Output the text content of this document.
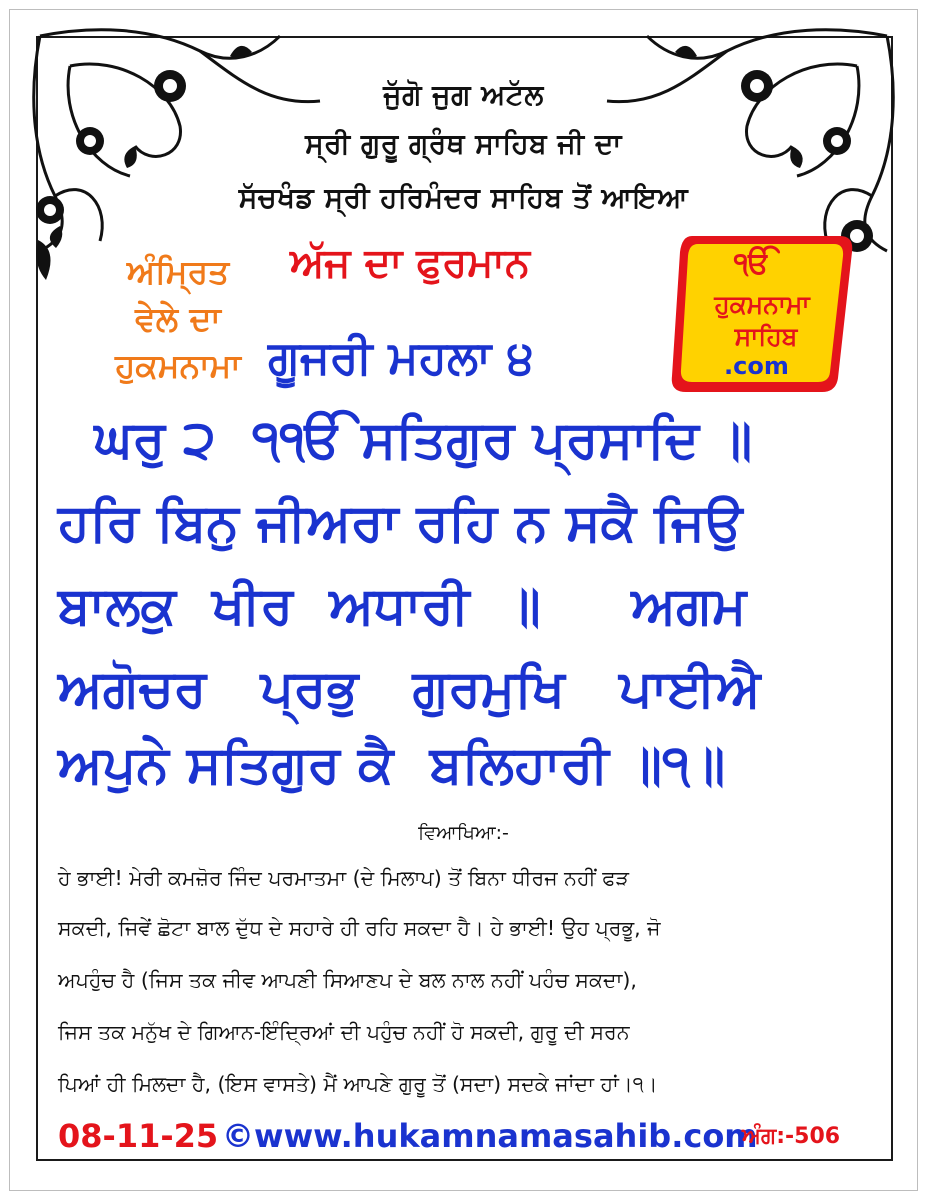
ਜੁੱਗੋ ਜੁਗ ਅਟੱਲ
ਸ੍ਰੀ ਗੁਰੂ ਗ੍ਰੰਥ ਸਾਹਿਬ ਜੀ ਦਾ
ਸੱਚਖੰਡ ਸ੍ਰੀ ਹਰਿਮੰਦਰ ਸਾਹਿਬ ਤੋਂ ਆਇਆ
ਅੰਮ੍ਰਿਤ
ਵੇਲੇ ਦਾ
ਹੁਕਮਨਾਮਾ
ਅੱਜ ਦਾ ਫੁਰਮਾਨ
ਗੂਜਰੀ ਮਹਲਾ ੪
ੴ
ਹੁਕਮਨਾਮਾ
ਸਾਹਿਬ
.com
ਘਰੁ ੨  ੧ੴ ਸਤਿਗੁਰ ਪ੍ਰਸਾਦਿ ॥
ਹਰਿ ਬਿਨੁ ਜੀਅਰਾ ਰਹਿ ਨ ਸਕੈ ਜਿਉ
ਬਾਲਕੁ  ਖੀਰ  ਅਧਾਰੀ  ॥     ਅਗਮ
ਅਗੋਚਰ   ਪ੍ਰਭੁ   ਗੁਰਮੁਖਿ   ਪਾਈਐ
ਅਪੁਨੇ ਸਤਿਗੁਰ ਕੈ  ਬਲਿਹਾਰੀ ॥੧॥
ਵਿਆਖਿਆ:-
ਹੇ ਭਾਈ! ਮੇਰੀ ਕਮਜ਼ੋਰ ਜਿੰਦ ਪਰਮਾਤਮਾ (ਦੇ ਮਿਲਾਪ) ਤੋਂ ਬਿਨਾ ਧੀਰਜ ਨਹੀਂ ਫੜ
ਸਕਦੀ, ਜਿਵੇਂ ਛੋਟਾ ਬਾਲ ਦੁੱਧ ਦੇ ਸਹਾਰੇ ਹੀ ਰਹਿ ਸਕਦਾ ਹੈ। ਹੇ ਭਾਈ! ਉਹ ਪ੍ਰਭੂ, ਜੋ
ਅਪਹੁੰਚ ਹੈ (ਜਿਸ ਤਕ ਜੀਵ ਆਪਣੀ ਸਿਆਣਪ ਦੇ ਬਲ ਨਾਲ ਨਹੀਂ ਪਹੰਚ ਸਕਦਾ),
ਜਿਸ ਤਕ ਮਨੁੱਖ ਦੇ ਗਿਆਨ-ਇੰਦ੍ਰਿਆਂ ਦੀ ਪਹੁੰਚ ਨਹੀਂ ਹੋ ਸਕਦੀ, ਗੁਰੂ ਦੀ ਸਰਨ
ਪਿਆਂ ਹੀ ਮਿਲਦਾ ਹੈ, (ਇਸ ਵਾਸਤੇ) ਮੈਂ ਆਪਣੇ ਗੁਰੂ ਤੋਂ (ਸਦਾ) ਸਦਕੇ ਜਾਂਦਾ ਹਾਂ।੧।
08-11-25 ©www.hukamnamasahib.com
ਅੰਗ:-506
